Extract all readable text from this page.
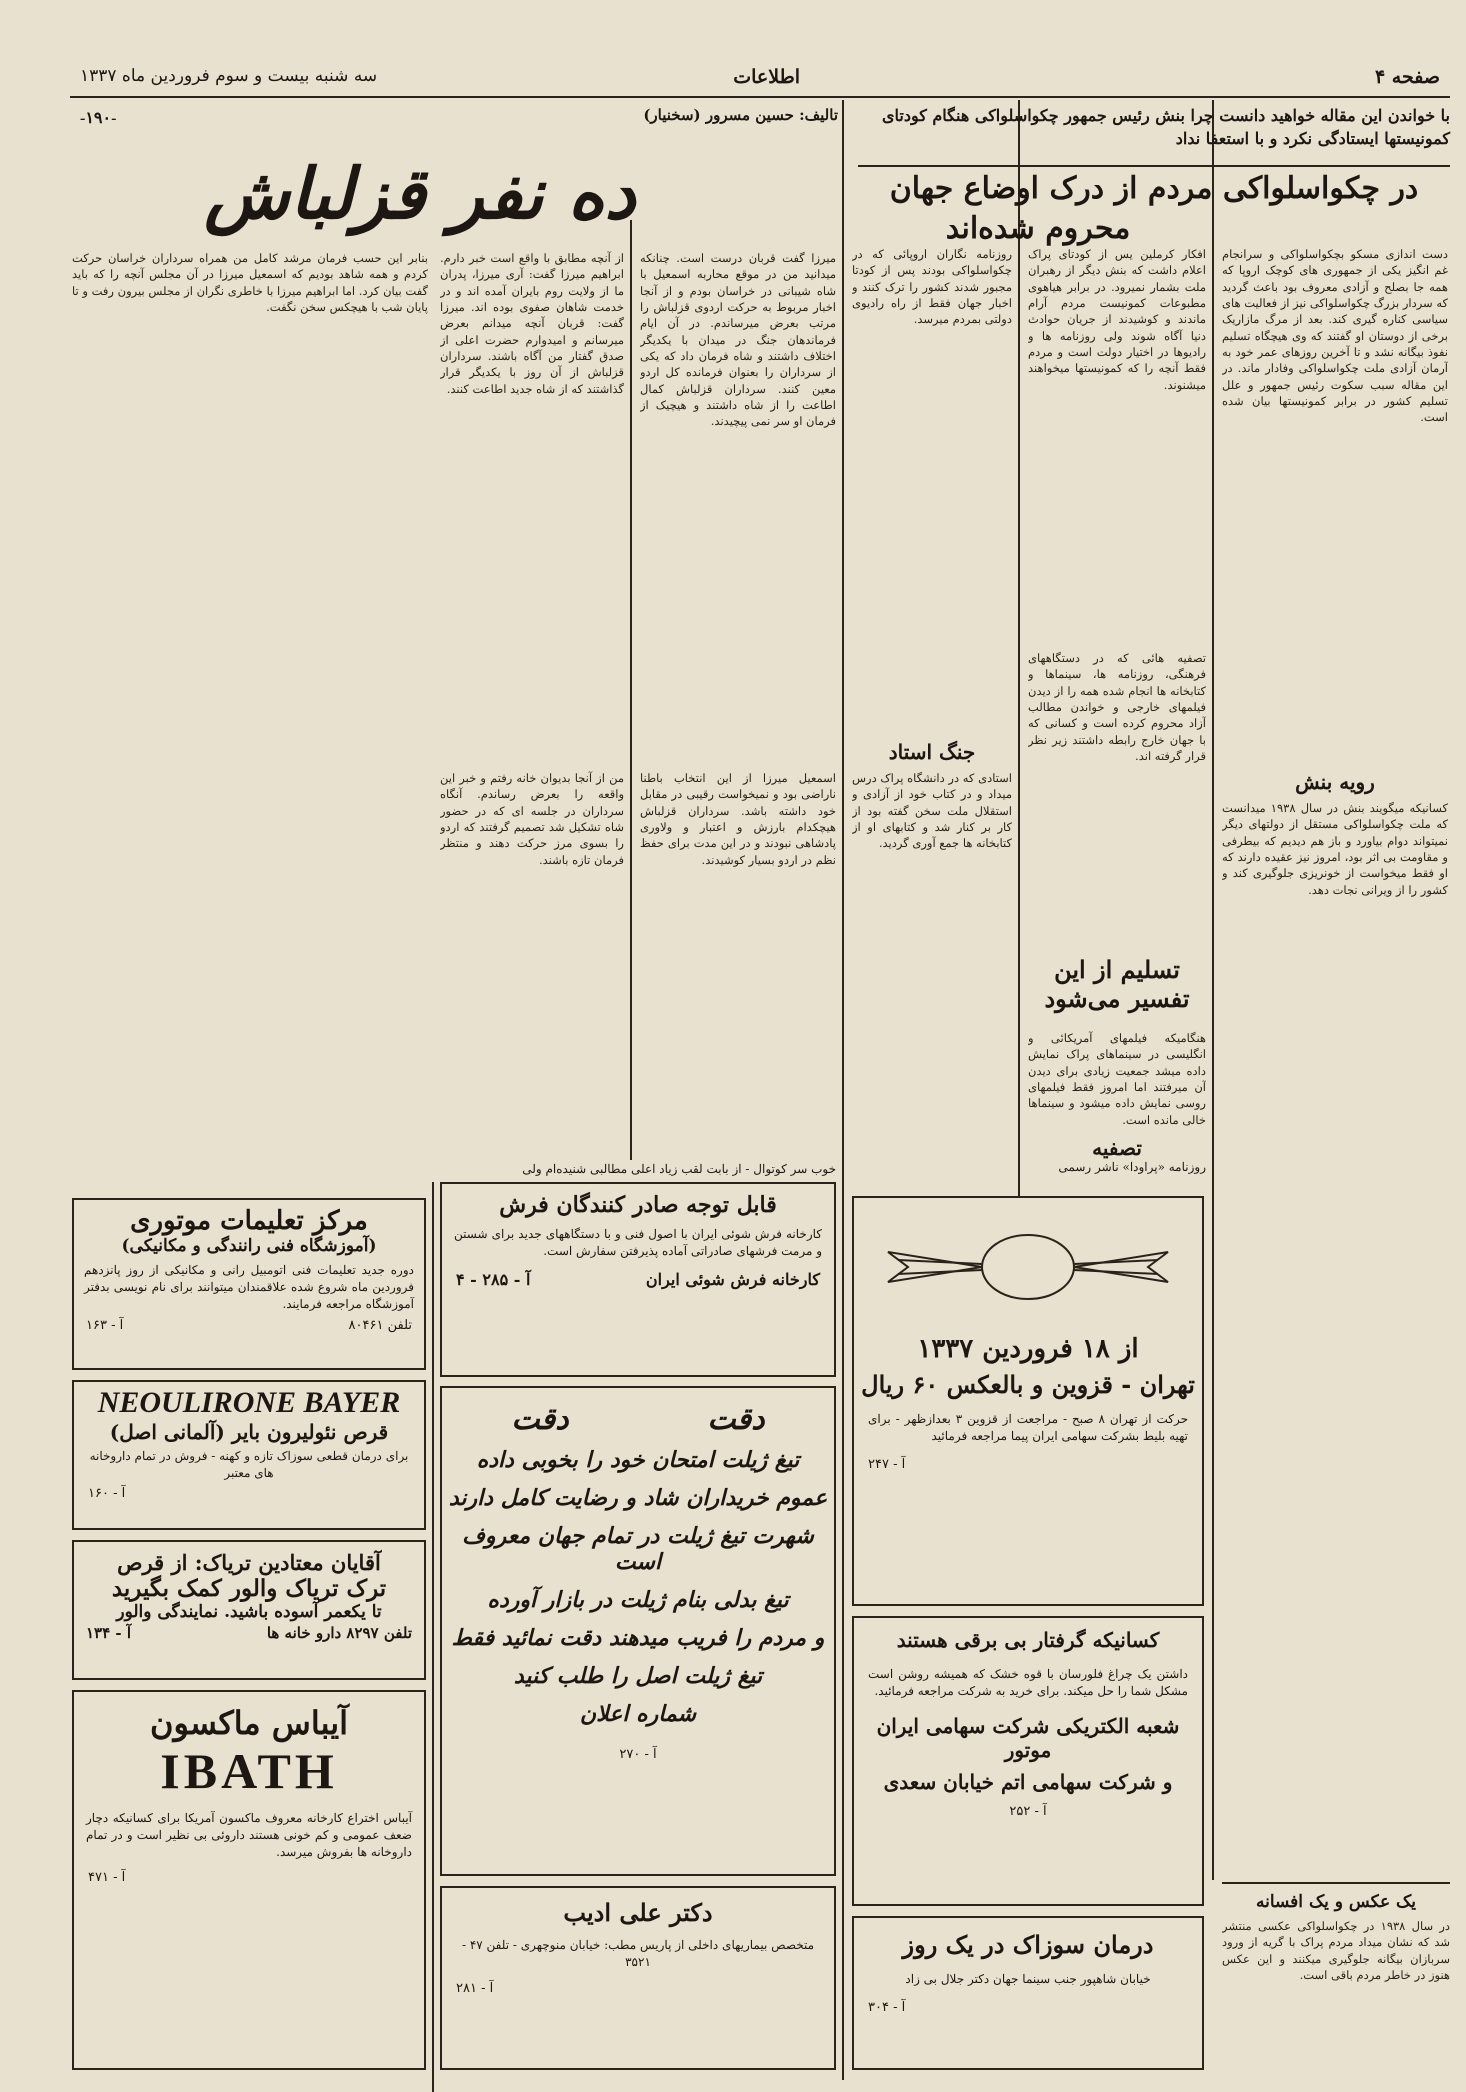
صفحه ۴
اطلاعات
سه شنبه بیست و سوم فروردین ماه ۱۳۳۷
با خواندن این مقاله خواهید دانست چرا بنش رئیس جمهور چکواسلواکی هنگام کودتای کمونیستها ایستادگی نکرد و با استعفا نداد
در چکواسلواکی مردم از درک اوضاع جهان
محروم شده‌اند
دست اندازی مسکو بچکواسلواکی و سرانجام غم انگیز یکی از جمهوری های کوچک اروپا که همه جا بصلح و آزادی معروف بود باعث گردید که سردار بزرگ چکواسلواکی نیز از فعالیت های سیاسی کناره گیری کند. بعد از مرگ مازاریک برخی از دوستان او گفتند که وی هیچگاه تسلیم نفوذ بیگانه نشد و تا آخرین روزهای عمر خود به آرمان آزادی ملت چکواسلواکی وفادار ماند. در این مقاله سبب سکوت رئیس جمهور و علل تسلیم کشور در برابر کمونیستها بیان شده است.
رویه بنش
کسانیکه میگویند بنش در سال ۱۹۳۸ میدانست که ملت چکواسلواکی مستقل از دولتهای دیگر نمیتواند دوام بیاورد و باز هم دیدیم که بیطرفی و مقاومت بی اثر بود، امروز نیز عقیده دارند که او فقط میخواست از خونریزی جلوگیری کند و کشور را از ویرانی نجات دهد.
افکار کرملین یس از کودتای پراک اعلام داشت که بنش دیگر از رهبران ملت بشمار نمیرود. در برابر هیاهوی مطبوعات کمونیست مردم آرام ماندند و کوشیدند از جریان حوادث دنیا آگاه شوند ولی روزنامه ها و رادیوها در اختیار دولت است و مردم فقط آنچه را که کمونیستها میخواهند میشنوند.
تصفیه هائی که در دستگاههای فرهنگی، روزنامه ها، سینماها و کتابخانه ها انجام شده همه را از دیدن فیلمهای خارجی و خواندن مطالب آزاد محروم کرده است و کسانی که با جهان خارج رابطه داشتند زیر نظر قرار گرفته اند.
تسلیم از این تفسیر می‌شود
هنگامیکه فیلمهای آمریکائی و انگلیسی در سینماهای پراک نمایش داده میشد جمعیت زیادی برای دیدن آن میرفتند اما امروز فقط فیلمهای روسی نمایش داده میشود و سینماها خالی مانده است.
روزنامه نگاران اروپائی که در چکواسلواکی بودند پس از کودتا مجبور شدند کشور را ترک کنند و اخبار جهان فقط از راه رادیوی دولتی بمردم میرسد.
جنگ استاد
استادی که در دانشگاه پراک درس میداد و در کتاب خود از آزادی و استقلال ملت سخن گفته بود از کار بر کنار شد و کتابهای او از کتابخانه ها جمع آوری گردید.
تصفیه
روزنامه «پراودا» ناشر رسمی
تالیف: حسین مسرور (سخنیار)
-۱۹۰-
ده نفر قزلباش
میرزا گفت قربان درست است. چنانکه میدانید من در موقع محاربه اسمعیل با شاه شیبانی در خراسان بودم و از آنجا اخبار مربوط به حرکت اردوی قزلباش را مرتب بعرض میرساندم. در آن ایام فرماندهان جنگ در میدان با یکدیگر اختلاف داشتند و شاه فرمان داد که یکی از سرداران را بعنوان فرمانده کل اردو معین کنند. سرداران قزلباش کمال اطاعت را از شاه داشتند و هیچیک از فرمان او سر نمی پیچیدند.
اسمعیل میرزا از این انتخاب باطنا ناراضی بود و نمیخواست رقیبی در مقابل خود داشته باشد. سرداران قزلباش هیچکدام بارزش و اعتبار و ولاوری پادشاهی نبودند و در این مدت برای حفظ نظم در اردو بسیار کوشیدند.
از آنچه مطابق با واقع است خبر دارم. ابراهیم میرزا گفت: آری میرزا، پدران ما از ولایت روم بایران آمده اند و در خدمت شاهان صفوی بوده اند. میرزا گفت: قربان آنچه میدانم بعرض میرسانم و امیدوارم حضرت اعلی از صدق گفتار من آگاه باشند. سرداران قزلباش از آن روز با یکدیگر قرار گذاشتند که از شاه جدید اطاعت کنند.
من از آنجا بدیوان خانه رفتم و خبر این واقعه را بعرض رساندم. آنگاه سرداران در جلسه ای که در حضور شاه تشکیل شد تصمیم گرفتند که اردو را بسوی مرز حرکت دهند و منتظر فرمان تازه باشند.
بنابر این حسب فرمان مرشد کامل من همراه سرداران خراسان حرکت کردم و همه شاهد بودیم که اسمعیل میرزا در آن مجلس آنچه را که باید گفت بیان کرد. اما ابراهیم میرزا با خاطری نگران از مجلس بیرون رفت و تا پایان شب با هیچکس سخن نگفت.
خوب سر کوتوال - از بابت لقب زیاد اعلی مطالبی شنیده‌ام ولی
قابل توجه صادر کنندگان فرش
کارخانه فرش شوئی ایران با اصول فنی و با دستگاههای جدید برای شستن و مرمت فرشهای صادراتی آماده پذیرفتن سفارش است.
کارخانه فرش شوئی ایران
آ - ۲۸۵ - ۴
مرکز تعلیمات موتوری
(آموزشگاه فنی رانندگی و مکانیکی)
دوره جدید تعلیمات فنی اتومبیل رانی و مکانیکی از روز پانزدهم فروردین ماه شروع شده علاقمندان میتوانند برای نام نویسی بدفتر آموزشگاه مراجعه فرمایند.
تلفن ۸۰۴۶۱
آ - ۱۶۳
NEOULIRONE BAYER
قرص نئولیرون بایر (آلمانی اصل)
برای درمان قطعی سوزاک تازه و کهنه - فروش در تمام داروخانه های معتبر
آ - ۱۶۰
آقایان معتادین تریاک: از قرص
ترک تریاک والور کمک بگیرید
تا یکعمر آسوده باشید. نمایندگی والور
تلفن ۸۲۹۷ دارو خانه ها
آ - ۱۳۴
آیباس ماکسون
IBATH
آیباس اختراع کارخانه معروف ماکسون آمریکا برای کسانیکه دچار ضعف عمومی و کم خونی هستند داروئی بی نظیر است و در تمام داروخانه ها بفروش میرسد.
آ - ۴۷۱
دقت
دقت
تیغ ژیلت امتحان خود را بخوبی داده
عموم خریداران شاد و رضایت کامل دارند
شهرت تیغ ژیلت در تمام جهان معروف است
تیغ بدلی بنام ژیلت در بازار آورده
و مردم را فریب میدهند دقت نمائید فقط
تیغ ژیلت اصل را طلب کنید
شماره اعلان
آ - ۲۷۰
دکتر علی ادیب
متخصص بیماریهای داخلی از پاریس مطب: خیابان منوچهری - تلفن ۴۷ - ۳۵۲۱
آ - ۲۸۱
از ۱۸ فروردین ۱۳۳۷
تهران - قزوین و بالعکس ۶۰ ریال
حرکت از تهران ۸ صبح - مراجعت از قزوین ۳ بعدازظهر - برای تهیه بلیط بشرکت سهامی ایران پیما مراجعه فرمائید
آ - ۲۴۷
کسانیکه گرفتار بی برقی هستند
داشتن یک چراغ فلورسان با قوه خشک که همیشه روشن است مشکل شما را حل میکند. برای خرید به شرکت مراجعه فرمائید.
شعبه الکتریکی شرکت سهامی ایران موتور
و شرکت سهامی اتم خیابان سعدی
آ - ۲۵۲
درمان سوزاک در یک روز
خیابان شاهپور جنب سینما جهان دکتر جلال بی زاد
آ - ۳۰۴
یک عکس و یک افسانه
در سال ۱۹۳۸ در چکواسلواکی عکسی منتشر شد که نشان میداد مردم پراک با گریه از ورود سربازان بیگانه جلوگیری میکنند و این عکس هنوز در خاطر مردم باقی است.
